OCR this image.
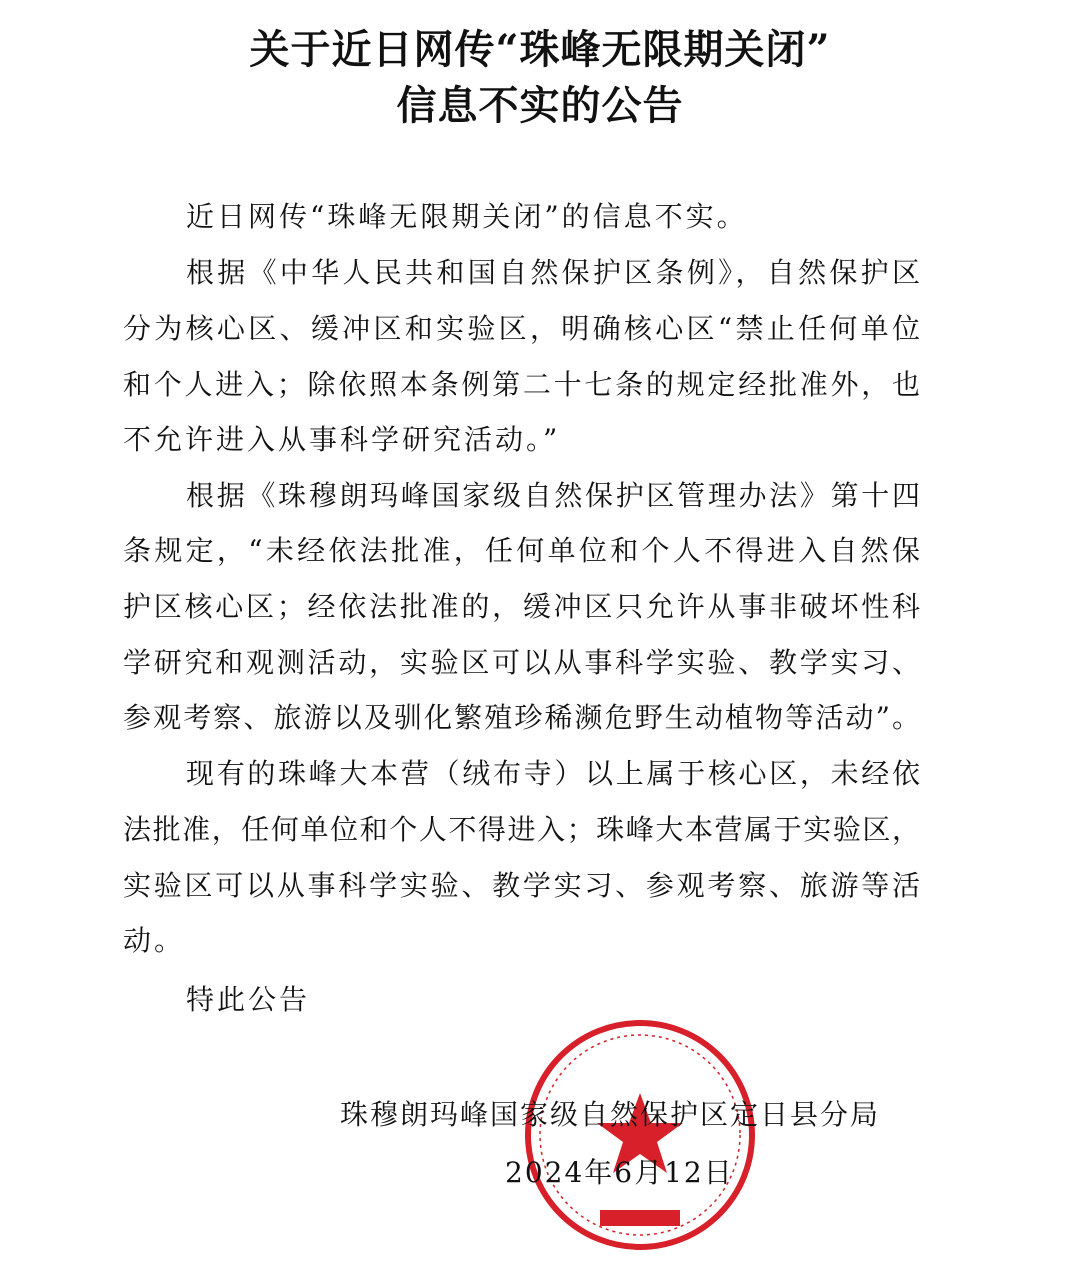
关于近日网传“珠峰无限期关闭”
信息不实的公告
近日网传“珠峰无限期关闭”的信息不实。
根据《中华人民共和国自然保护区条例》，自然保护区
分为核心区、缓冲区和实验区，明确核心区“禁止任何单位
和个人进入；除依照本条例第二十七条的规定经批准外，也
不允许进入从事科学研究活动。”
根据《珠穆朗玛峰国家级自然保护区管理办法》第十四
条规定，“未经依法批准，任何单位和个人不得进入自然保
护区核心区；经依法批准的，缓冲区只允许从事非破坏性科
学研究和观测活动，实验区可以从事科学实验、教学实习、
参观考察、旅游以及驯化繁殖珍稀濒危野生动植物等活动”。
现有的珠峰大本营（绒布寺）以上属于核心区，未经依
法批准，任何单位和个人不得进入；珠峰大本营属于实验区，
实验区可以从事科学实验、教学实习、参观考察、旅游等活
动。
特此公告
珠穆朗玛峰国家级自然保护区定日县分局
2024年6月12日
